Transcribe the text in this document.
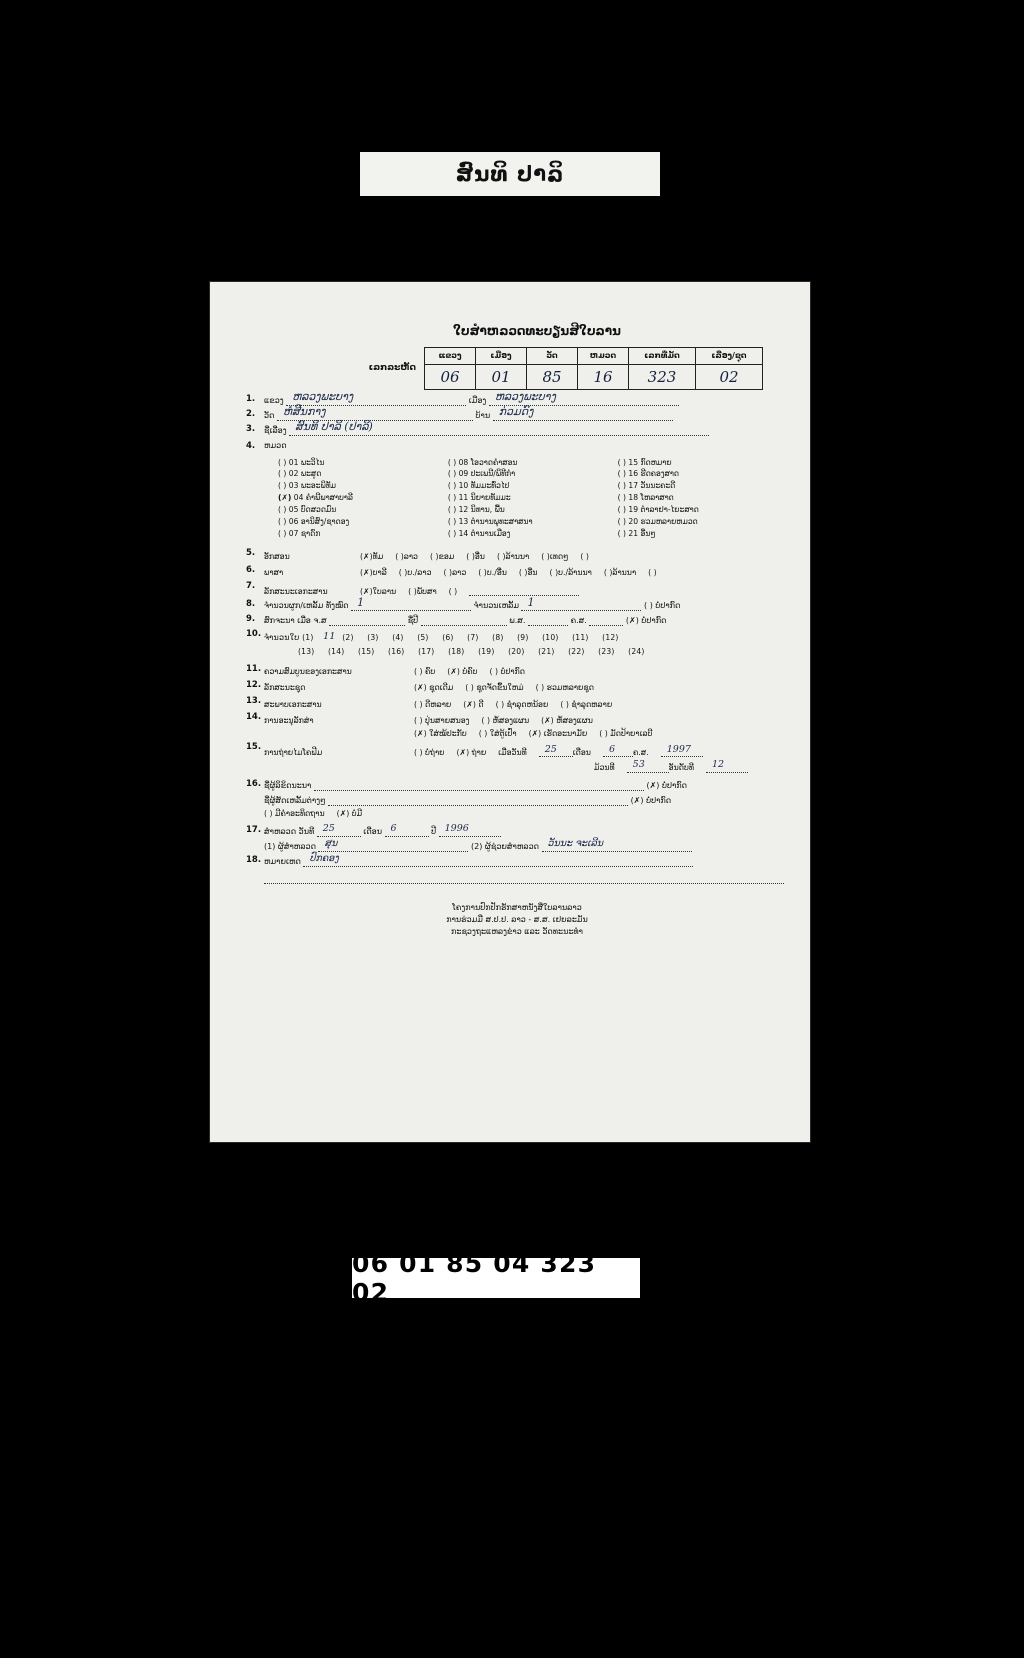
ສົນທິ ປາລິ
ໃບສຳຫລວດທະບຽນສີໃບລານ
ເລກລະຫັດ
ແຂວງ	ເມືອງ	ວັດ	ຫມວດ	ເລກທີ່ມັດ	ເລື່ອງ/ຊຸດ
06	01	85	16	323	02
1.	ແຂວງ ຫລວງພະບາງ	ເມືອງ ຫລວງພະບາງ
2.	ວັດ ຫໍສີນກາງ	ບ້ານ ກ່ວມດົງ
3.	ຊື່ເລື່ອງ ສົນທິ ປາລິ (ປາລິ)
4.	ຫມວດ
( ) 01 ພະວິໄນ
( ) 02 ພະສູດ
( ) 03 ພະອະພິທັມ
(✗) 04 ຄຳພີພາສາບາລີ
( ) 05 ບົດສວດມົນ
( ) 06 ອານິສົງ/ຊາດອງ
( ) 07 ຊາດົກ
( ) 08 ໂອວາດຄຳສອນ
( ) 09 ປະເພນີ/ພິທີກຳ
( ) 10 ທັມມະທົ່ວໄປ
( ) 11 ນິຍາຍທັມມະ
( ) 12 ນິທານ, ພື້ນ
( ) 13 ຕຳນານພຸທະສາສນາ
( ) 14 ຕຳນານເມືອງ
( ) 15 ກົດຫມາຍ
( ) 16 ຮີດຄອງສາດ
( ) 17 ວັນນະຄະດີ
( ) 18 ໂຫລາສາດ
( ) 19 ຕຳລາຢາ-ໄຍະສາດ
( ) 20 ຮວມຫລາຍຫມວດ
( ) 21 ອື່ນໆ
5.	ອັກສອນ	(✗)ທັມ ( )ລາວ ( )ຂອມ ( )ອື່ນ ( )ລ້ານນາ ( )ເທດໆ ( )
6.	ພາສາ	(✗)ບາລີ ( )ບ./ລາວ ( )ລາວ ( )ບ./ອື່ນ ( )ອື່ນ ( )ບ./ລ້ານນາ ( )ລ້ານນາ ( )
7.
ລັກສະນະເອກະສານ	(✗)ໃບລານ ( )ພັບສາ ( )
8.	ຈຳນວນຜູກ/ເຫລັ້ມ ທັງໝົດ 1	ຈຳນວນເຫລັ້ມ 1	( ) ບໍ່ປາກົດ
9.	ສົກຈະນາ ເມື່ອ ຈ.ສ	ຊື່ປີ	ພ.ສ.	ຄ.ສ.	(✗) ບໍ່ປາກົດ
10. ຈຳນວນໃບ (1) 11 (2) (3) (4) (5) (6) (7) (8) (9) (10) (11) (12)
(13) (14) (15) (16) (17) (18) (19) (20) (21) (22) (23) (24)
11. ຄວາມສົມບູນຂອງເອກະສານ	( ) ຄົບ (✗) ບໍ່ຄົບ ( ) ບໍ່ປາກົດ
12. ລັກສະນະຊຸດ	(✗) ຊຸດເດີມ ( ) ຊຸດຈັດຂຶ້ນໃຫມ່ ( ) ຮວມຫລາຍຊຸດ
13. ສະພາບເອກະສານ	( ) ດີຫລາຍ (✗) ດີ ( ) ຊຳລຸດຫນ້ອຍ ( ) ຊຳລຸດຫລາຍ
14. ການອະນຸລັກສ່າ	( ) ປຸ່ນສາຍສນອງ ( ) ຫໍ້ສອງແຜນ (✗) ຫໍ້ສອງແຜນ
(✗) ໃສ່ໝ້ປະກັບ ( ) ໃສ່ຕູ້ເປົ່າ (✗) ເຮັດອະນາມັຍ ( ) ມັດປ້າຍາເລບີ
15.
ການຖ່າຍໄມໂຄຟີມ	( ) ບໍ່ຖ່າຍ (✗) ຖ່າຍ ເມື່ອວັນທີ 25 ເດືອນ 6 ຄ.ສ. 1997
ມ້ວນທີ 53	ອັນດັບທີ 12
16. ຊື່ຜູ້ລິຂິດນະນາ	(✗) ບໍ່ປາກົດ
ຊື່ຜູ້ສັດເຫລັ້ມຕ່າງໆ	(✗) ບໍ່ປາກົດ
( ) ມີຄຳອະທິດຖານ (✗) ບໍ່ມີ
17. ສຳຫລວດ ວັນທີ 25	ເດືອນ 6	ປີ 1996
(1) ຜູ້ສຳຫລວດ ສຸນ	(2) ຜູ້ຊ່ວຍສຳຫລວດ ວັນນະ ຈະເລີນ
18. ຫມາຍເຫດ ປົກຄອງ
ໂຄງການປົກປັກຮັກສາຫນັງສືໃບລານລາວ
ການຮ່ວມມື ສ.ປ.ປ. ລາວ - ສ.ສ. ເຢຍລະມັນ
ກະຊວງຖະແຫລງຂ່າວ ແລະ ວັດທະນະທຳ
06 01 85 04 323 02
